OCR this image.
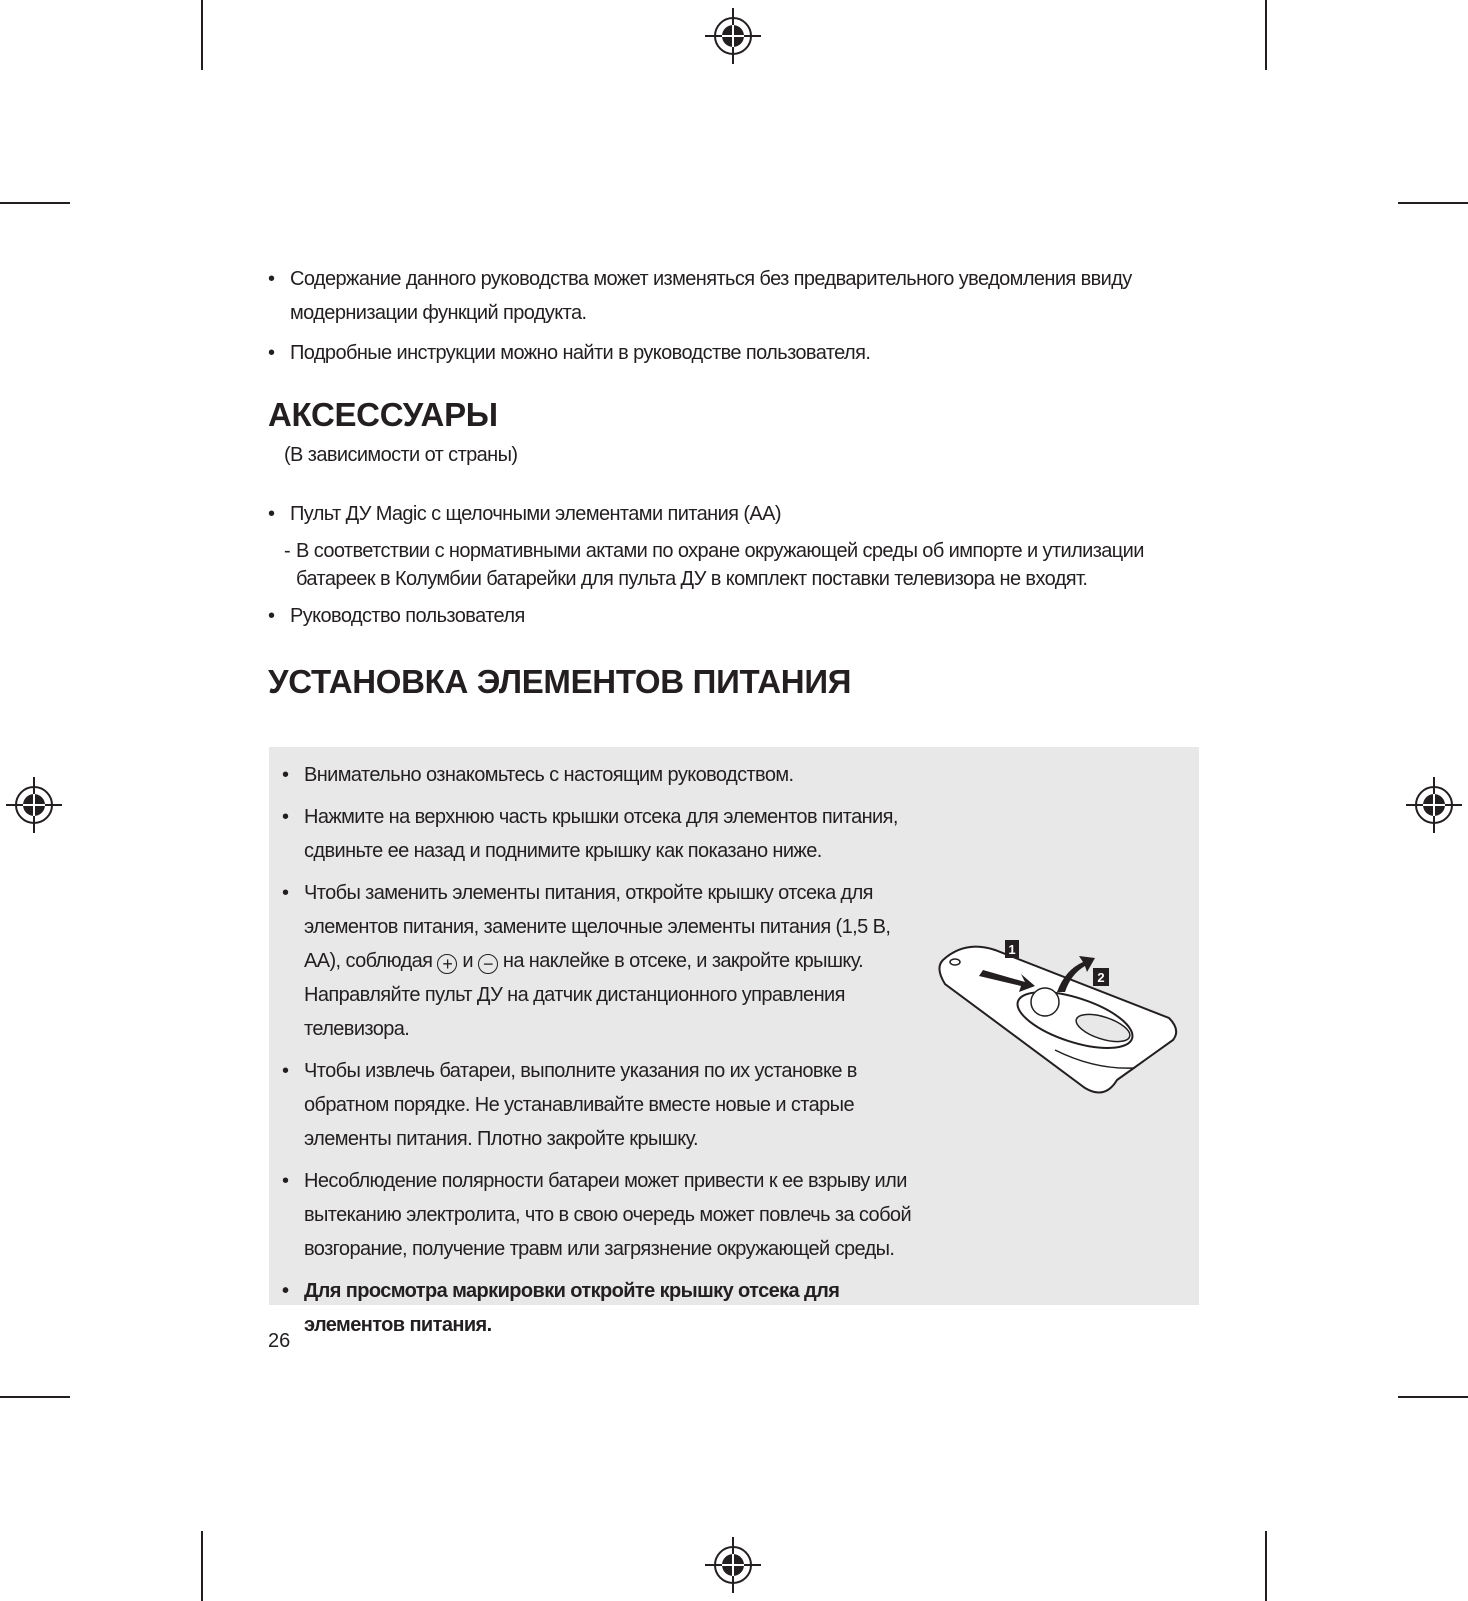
• Содержание данного руководства может изменяться без предварительного уведомления ввиду модернизации функций продукта.
• Подробные инструкции можно найти в руководстве пользователя.
АКСЕССУАРЫ
(В зависимости от страны)
• Пульт ДУ Magic с щелочными элементами питания (AA)
- В соответствии с нормативными актами по охране окружающей среды об импорте и утилизации батареек в Колумбии батарейки для пульта ДУ в комплект поставки телевизора не входят.
• Руководство пользователя
УСТАНОВКА ЭЛЕМЕНТОВ ПИТАНИЯ
• Внимательно ознакомьтесь с настоящим руководством.
• Нажмите на верхнюю часть крышки отсека для элементов питания, сдвиньте ее назад и поднимите крышку как показано ниже.
• Чтобы заменить элементы питания, откройте крышку отсека для элементов питания, замените щелочные элементы питания (1,5 В, AA), соблюдая + и − на наклейке в отсеке, и закройте крышку. Направляйте пульт ДУ на датчик дистанционного управления телевизора.
• Чтобы извлечь батареи, выполните указания по их установке в обратном порядке. Не устанавливайте вместе новые и старые элементы питания. Плотно закройте крышку.
• Несоблюдение полярности батареи может привести к ее взрыву или вытеканию электролита, что в свою очередь может повлечь за собой возгорание, получение травм или загрязнение окружающей среды.
• Для просмотра маркировки откройте крышку отсека для элементов питания.
1
2
26
